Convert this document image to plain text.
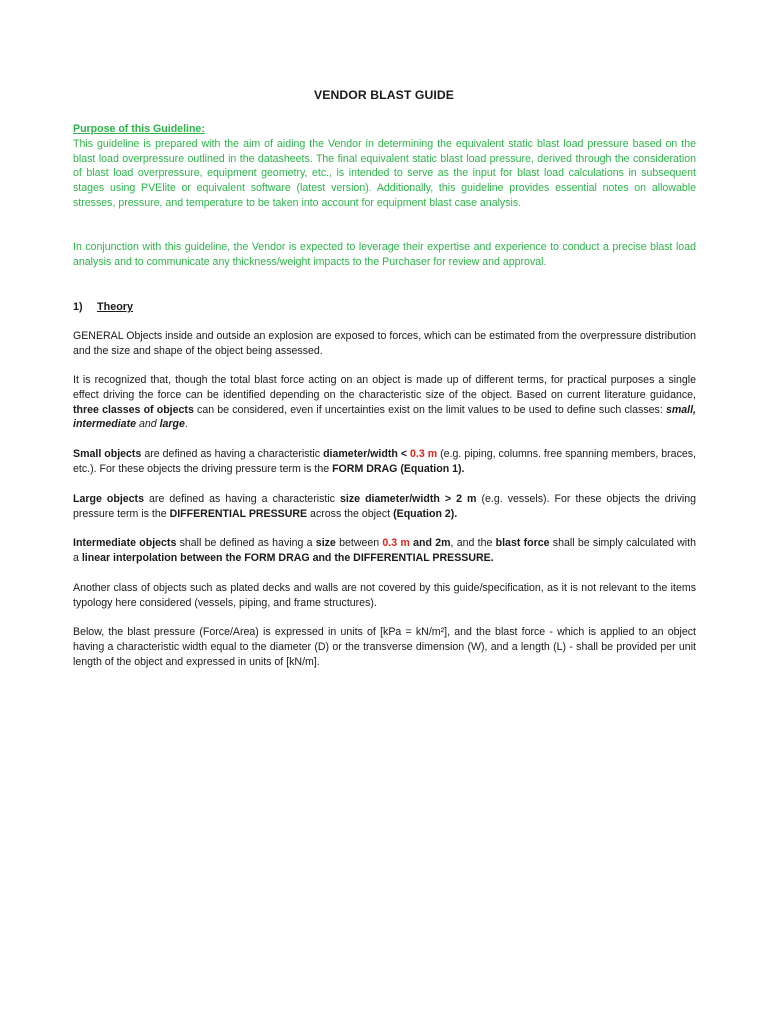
VENDOR BLAST GUIDE
Purpose of this Guideline:
This guideline is prepared with the aim of aiding the Vendor in determining the equivalent static blast load pressure based on the blast load overpressure outlined in the datasheets. The final equivalent static blast load pressure, derived through the consideration of blast load overpressure, equipment geometry, etc., is intended to serve as the input for blast load calculations in subsequent stages using PVElite or equivalent software (latest version). Additionally, this guideline provides essential notes on allowable stresses, pressure, and temperature to be taken into account for equipment blast case analysis.
In conjunction with this guideline, the Vendor is expected to leverage their expertise and experience to conduct a precise blast load analysis and to communicate any thickness/weight impacts to the Purchaser for review and approval.
1) Theory
GENERAL Objects inside and outside an explosion are exposed to forces, which can be estimated from the overpressure distribution and the size and shape of the object being assessed.
It is recognized that, though the total blast force acting on an object is made up of different terms, for practical purposes a single effect driving the force can be identified depending on the characteristic size of the object. Based on current literature guidance, three classes of objects can be considered, even if uncertainties exist on the limit values to be used to define such classes: small, intermediate and large.
Small objects are defined as having a characteristic diameter/width < 0.3 m (e.g. piping, columns. free spanning members, braces, etc.). For these objects the driving pressure term is the FORM DRAG (Equation 1).
Large objects are defined as having a characteristic size diameter/width > 2 m (e.g. vessels). For these objects the driving pressure term is the DIFFERENTIAL PRESSURE across the object (Equation 2).
Intermediate objects shall be defined as having a size between 0.3 m and 2m, and the blast force shall be simply calculated with a linear interpolation between the FORM DRAG and the DIFFERENTIAL PRESSURE.
Another class of objects such as plated decks and walls are not covered by this guide/specification, as it is not relevant to the items typology here considered (vessels, piping, and frame structures).
Below, the blast pressure (Force/Area) is expressed in units of [kPa = kN/m²], and the blast force - which is applied to an object having a characteristic width equal to the diameter (D) or the transverse dimension (W), and a length (L) - shall be provided per unit length of the object and expressed in units of [kN/m].
